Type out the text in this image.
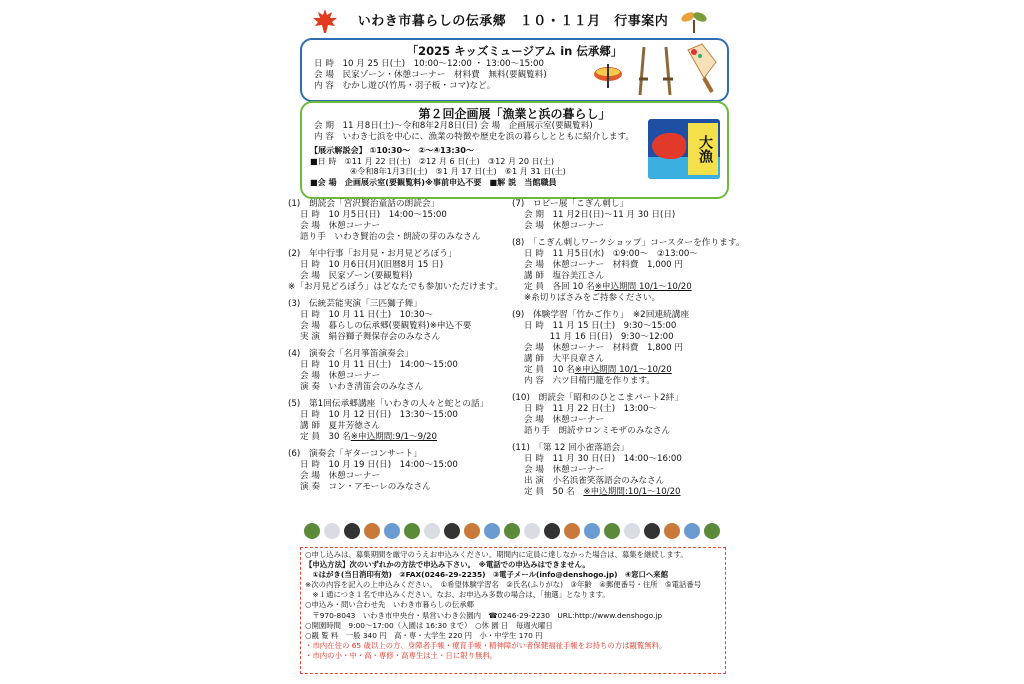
いわき市暮らしの伝承郷　１０・１１月　行事案内
「2025 キッズミュージアム in 伝承郷」
日 時　10 月 25 日(土)　10:00～12:00 ・ 13:00～15:00
会 場　民家ゾーン・休憩コーナー　材料費　無料(要観覧料)
内 容　むかし遊び(竹馬・羽子板・コマ)など。
第２回企画展「漁業と浜の暮らし」
会 期　11 月8日(土)～令和8年2月8日(日) 会 場　企画展示室(要観覧料)
内 容　いわき七浜を中心に、漁業の特徴や歴史を浜の暮らしとともに紹介します。
【展示解説会】 ①10:30～　②～④13:30～
■日 時　①11 月 22 日(土)　②12 月 6 日(土)　③12 月 20 日(土)
④令和8年1月3日(土)　⑤1 月 17 日(土)　⑥1 月 31 日(土)
■会 場　企画展示室(要観覧料)※事前申込不要　■解 説　当館職員
大漁
(1)　朗読会「宮沢賢治童話の朗読会」
日 時　10 月5日(日)　14:00～15:00
会 場　休憩コーナー
語り手　いわき賢治の会・朗読の芽のみなさん
(2)　年中行事「お月見・お月見どろぼう」
日 時　10 月6日(月)(旧暦8月 15 日)
会 場　民家ゾーン(要観覧料)
※「お月見どろぼう」はどなたでも参加いただけます。
(3)　伝統芸能実演「三匹獅子舞」
日 時　10 月 11 日(土)　10:30～
会 場　暮らしの伝承郷(要観覧料)※申込不要
実 演　絹谷獅子舞保存会のみなさん
(4)　演奏会「名月箏笛演奏会」
日 時　10 月 11 日(土)　14:00～15:00
会 場　休憩コーナー
演 奏　いわき清笛会のみなさん
(5)　第1回伝承郷講座「いわきの人々と蛇との話」
日 時　10 月 12 日(日)　13:30～15:00
講 師　夏井芳徳さん
定 員　30 名※申込期間:9/1～9/20
(6)　演奏会「ギターコンサート」
日 時　10 月 19 日(日)　14:00～15:00
会 場　休憩コーナー
演 奏　コン・アモーレのみなさん
(7)　ロビー展「こぎん刺し」
会 期　11 月2日(日)～11 月 30 日(日)
会 場　休憩コーナー
(8)　「こぎん刺しワークショップ」コースターを作ります。
日 時　11 月5日(水)　①9:00～　②13:00～
会 場　休憩コーナー　材料費　1,000 円
講 師　塩谷美江さん
定 員　各回 10 名※申込期間 10/1～10/20
※糸切りばさみをご持参ください。
(9)　体験学習「竹かご作り」　※2回連続講座
日 時　11 月 15 日(土)　9:30～15:00
　　　11 月 16 日(日)　9:30～12:00
会 場　休憩コーナー　材料費　1,800 円
講 師　大平良章さん
定 員　10 名※申込期間 10/1～10/20
内 容　六ツ目楕円籠を作ります。
(10)　朗読会「昭和のひとこまパート2絆」
日 時　11 月 22 日(土)　13:00～
会 場　休憩コーナー
語り手　朗読サロンミモザのみなさん
(11)　「第 12 回小雀落語会」
日 時　11 月 30 日(日)　14:00～16:00
会 場　休憩コーナー
出 演　小名浜雀笑落語会のみなさん
定 員　50 名　※申込期間:10/1～10/20
○申し込みは、募集期間を厳守のうえお申込みください。期間内に定員に達しなかった場合は、募集を継続します。
【申込方法】次のいずれかの方法で申込み下さい。　※電話での申込みはできません。
　①はがき(当日消印有効)　②FAX(0246-29-2235)　③電子メール(info@denshogo.jp)　④窓口へ来館
※次の内容を記入の上申込みください。　①希望体験学習名　②氏名(ふりがな)　③年齢　④郵便番号・住所　⑤電話番号
　※１通につき１名で申込みください。なお、お申込み多数の場合は、「抽選」となります。
○申込み・問い合わせ先　いわき市暮らしの伝承郷
　〒970-8043　いわき市中央台・県営いわき公園内　☎0246-29-2230　URL:http://www.denshogo.jp
○開園時間　9:00～17:00（入園は 16:30 まで）　○休 園 日　毎週火曜日
○観 覧 料　一般 340 円　高・専・大学生 220 円　小・中学生 170 円
・市内在住の 65 歳以上の方、身障者手帳・療育手帳・精神障がい者保健福祉手帳をお持ちの方は観覧無料。
・市内の小・中・高・専修・高専生は土・日に限り無料。
